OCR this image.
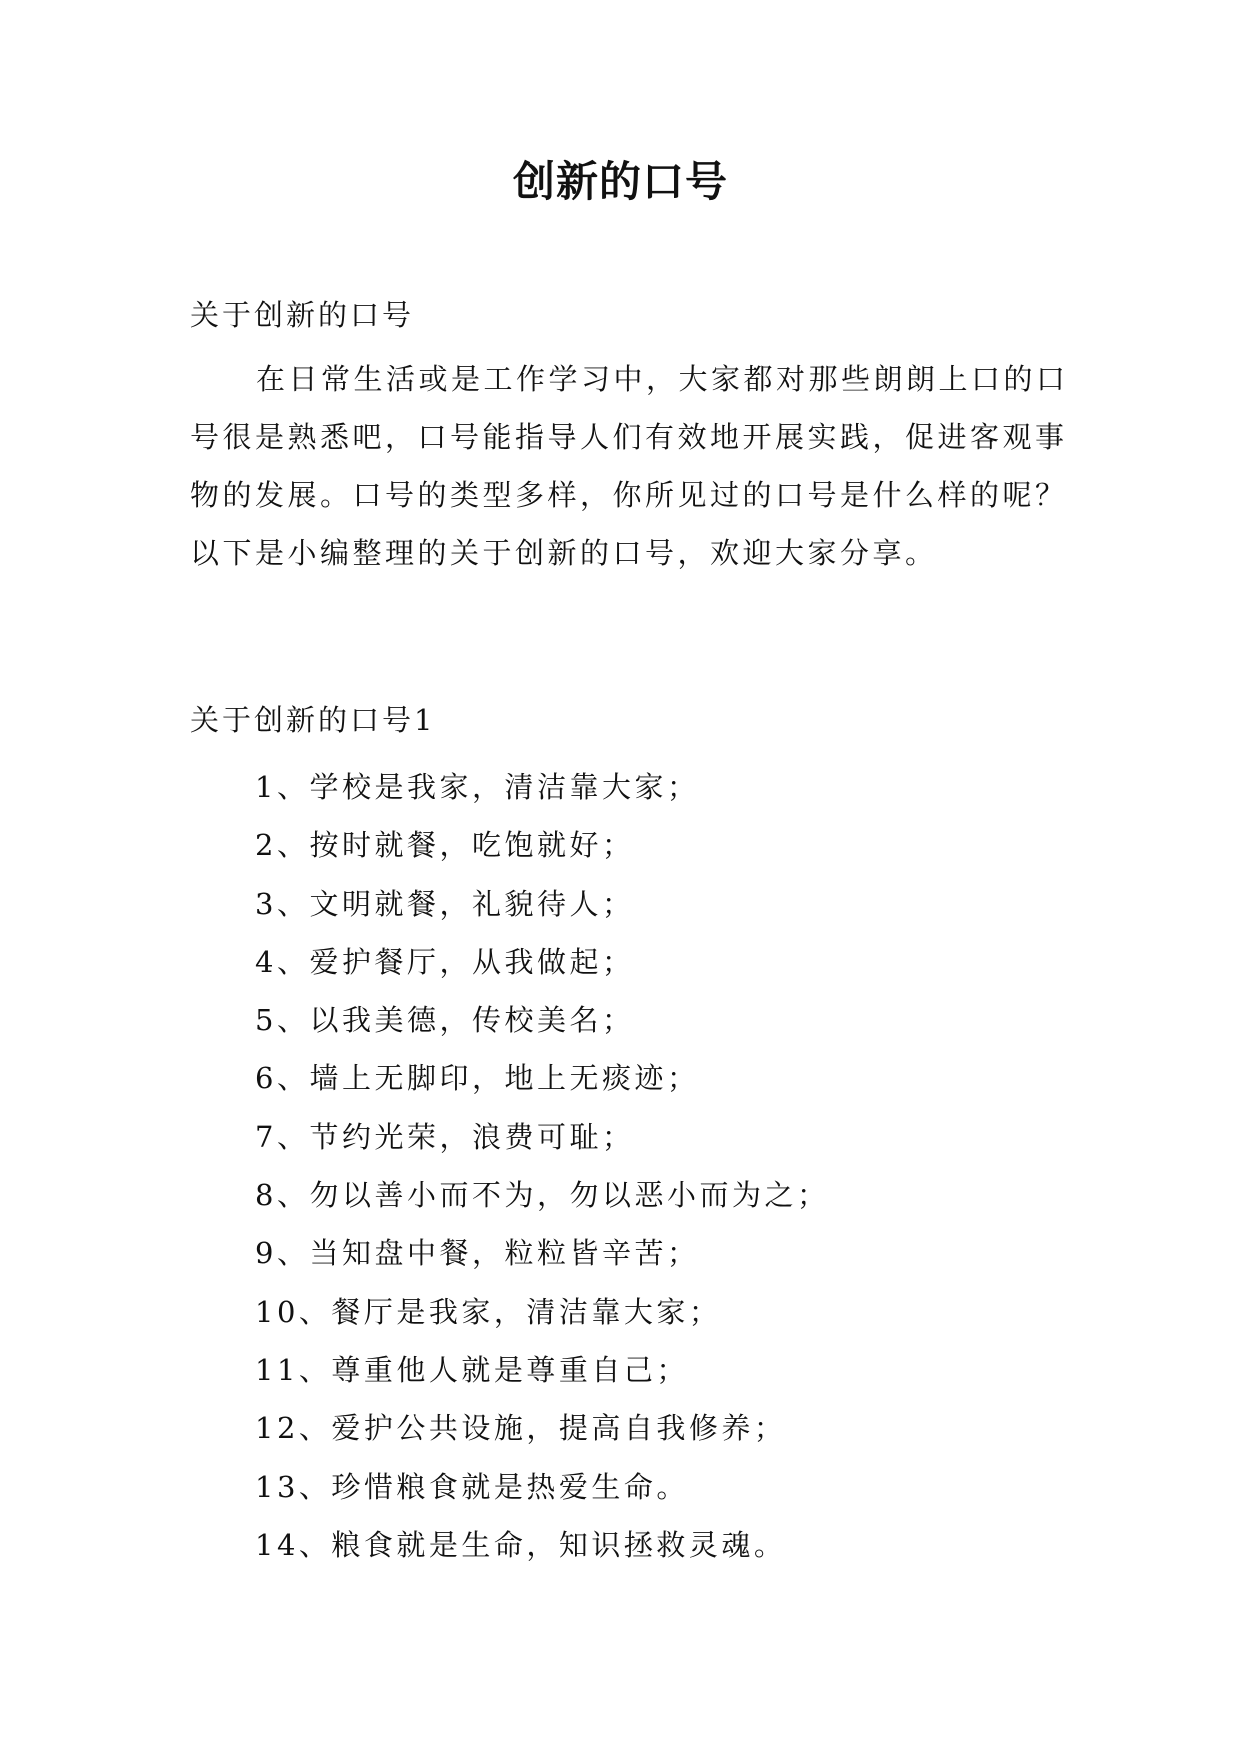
创新的口号
关于创新的口号

在日常生活或是工作学习中，大家都对那些朗朗上口的口号很是熟悉吧，口号能指导人们有效地开展实践，促进客观事物的发展。口号的类型多样，你所见过的口号是什么样的呢？以下是小编整理的关于创新的口号，欢迎大家分享。

关于创新的口号1
1、学校是我家，清洁靠大家；
2、按时就餐，吃饱就好；
3、文明就餐，礼貌待人；
4、爱护餐厅，从我做起；
5、以我美德，传校美名；
6、墙上无脚印，地上无痰迹；
7、节约光荣，浪费可耻；
8、勿以善小而不为，勿以恶小而为之；
9、当知盘中餐，粒粒皆辛苦；
10、餐厅是我家，清洁靠大家；
11、尊重他人就是尊重自己；
12、爱护公共设施，提高自我修养；
13、珍惜粮食就是热爱生命。
14、粮食就是生命，知识拯救灵魂。
